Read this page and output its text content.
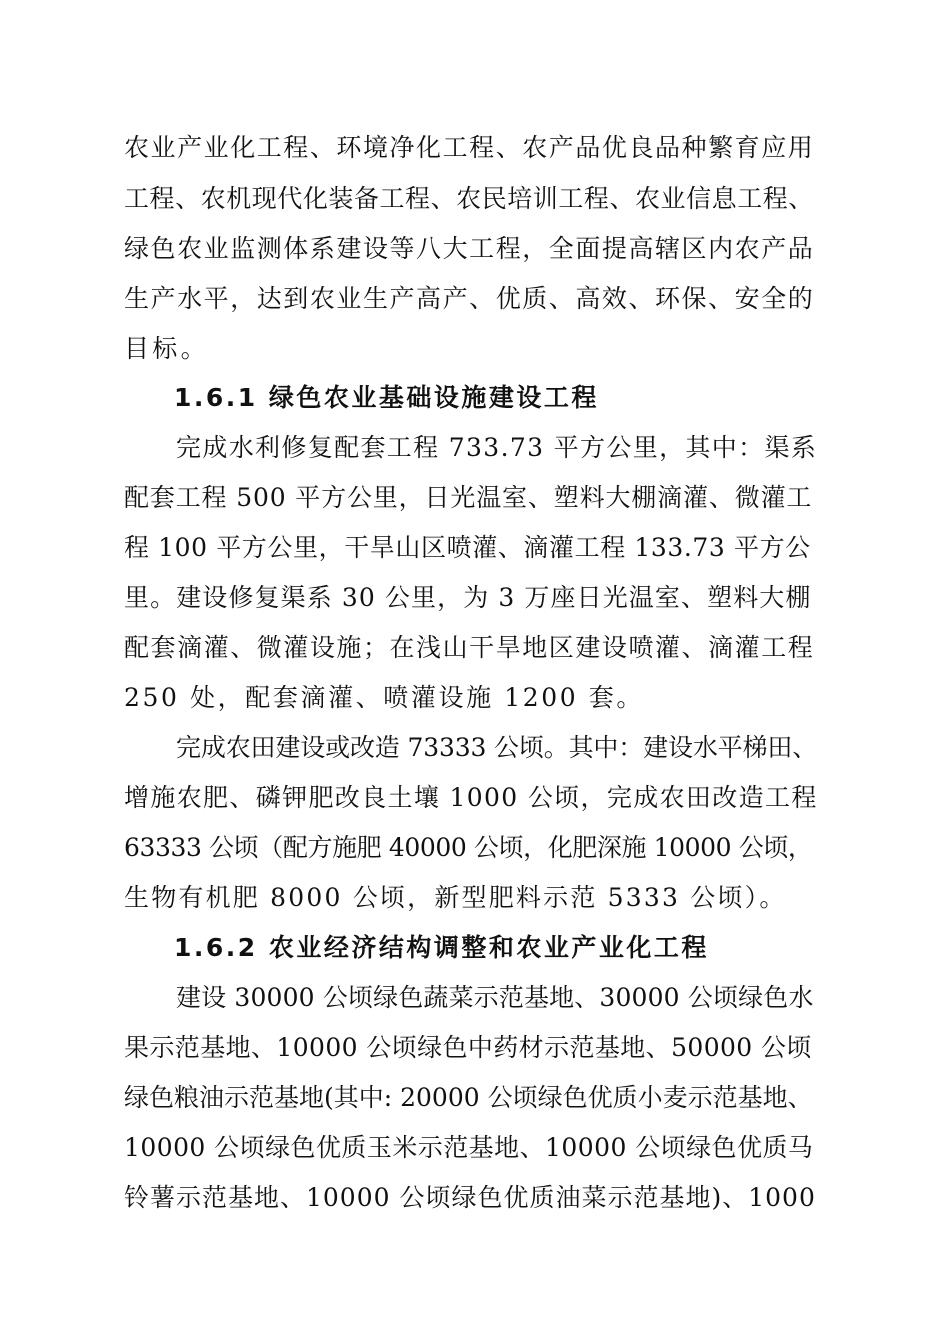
农业产业化工程、环境净化工程、农产品优良品种繁育应用
工程、农机现代化装备工程、农民培训工程、农业信息工程、
绿色农业监测体系建设等八大工程，全面提高辖区内农产品
生产水平，达到农业生产高产、优质、高效、环保、安全的
目标。
1.6.1 绿色农业基础设施建设工程
完成水利修复配套工程 733.73 平方公里，其中：渠系
配套工程 500 平方公里，日光温室、塑料大棚滴灌、微灌工
程 100 平方公里，干旱山区喷灌、滴灌工程 133.73 平方公
里。建设修复渠系 30 公里，为 3 万座日光温室、塑料大棚
配套滴灌、微灌设施；在浅山干旱地区建设喷灌、滴灌工程
250 处，配套滴灌、喷灌设施 1200 套。
完成农田建设或改造 73333 公顷。其中：建设水平梯田、
增施农肥、磷钾肥改良土壤 1000 公顷，完成农田改造工程
63333 公顷（配方施肥 40000 公顷，化肥深施 10000 公顷，
生物有机肥 8000 公顷，新型肥料示范 5333 公顷）。
1.6.2 农业经济结构调整和农业产业化工程
建设 30000 公顷绿色蔬菜示范基地、30000 公顷绿色水
果示范基地、10000 公顷绿色中药材示范基地、50000 公顷
绿色粮油示范基地(其中: 20000 公顷绿色优质小麦示范基地、
10000 公顷绿色优质玉米示范基地、10000 公顷绿色优质马
铃薯示范基地、10000 公顷绿色优质油菜示范基地)、1000
